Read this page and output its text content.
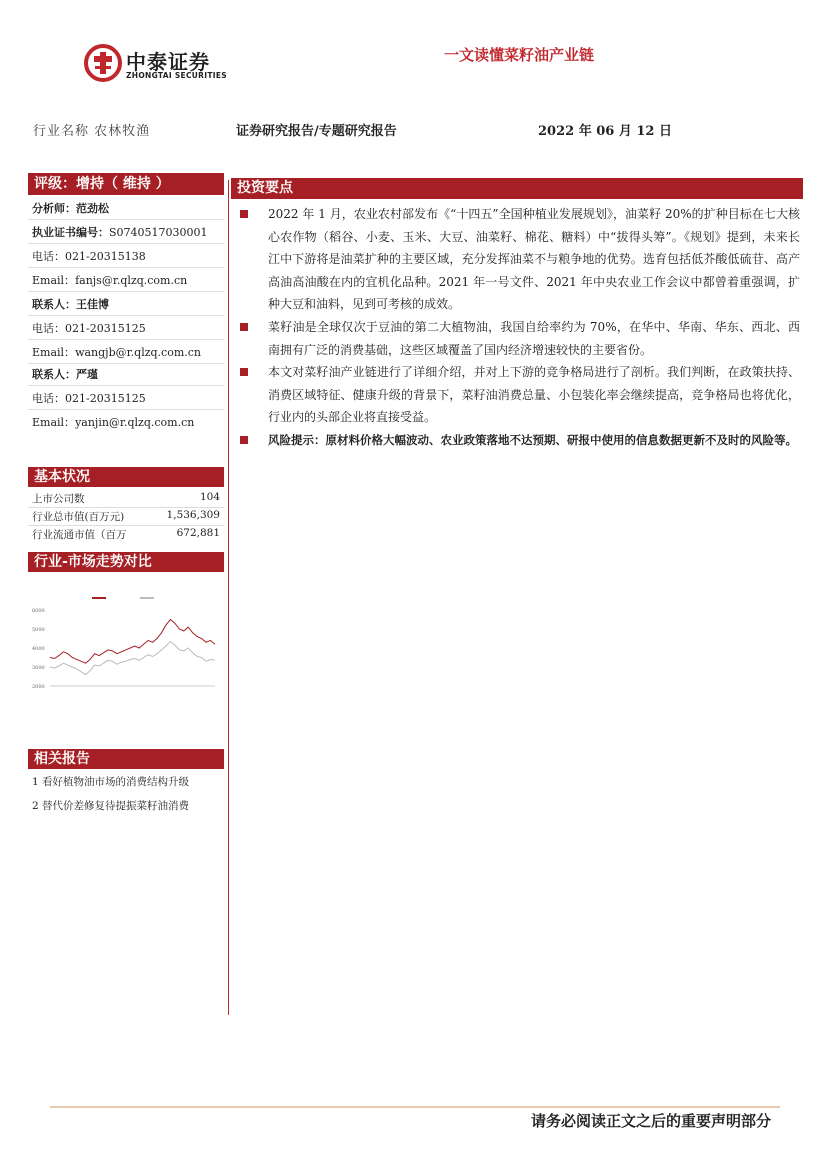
中泰证券
ZHONGTAI SECURITIES
一文读懂菜籽油产业链
行业名称 农林牧渔	证券研究报告/专题研究报告	2022 年 06 月 12 日
评级：增持（ 维持 ）
分析师：范劲松
执业证书编号：S0740517030001
电话：021-20315138
Email：fanjs@r.qlzq.com.cn
联系人：王佳博
电话：021-20315125
Email：wangjb@r.qlzq.com.cn
联系人：严瑾
电话：021-20315125
Email：yanjin@r.qlzq.com.cn
基本状况
上市公司数	104
行业总市值(百万元)	1,536,309
行业流通市值（百万	672,881
行业-市场走势对比
6000
5000
4000
3000
2000
相关报告
1 看好植物油市场的消费结构升级
2 替代价差修复待提振菜籽油消费
投资要点

2022 年 1 月，农业农村部发布《“十四五”全国种植业发展规划》，油菜籽 20%的扩种目标在七大核心农作物（稻谷、小麦、玉米、大豆、油菜籽、棉花、糖料）中“拔得头筹”。《规划》提到，未来长江中下游将是油菜扩种的主要区域，充分发挥油菜不与粮争地的优势。选育包括低芥酸低硫苷、高产高油高油酸在内的宜机化品种。2021 年一号文件、2021 年中央农业工作会议中都曾着重强调，扩种大豆和油料，见到可考核的成效。

菜籽油是全球仅次于豆油的第二大植物油，我国自给率约为 70%，在华中、华南、华东、西北、西南拥有广泛的消费基础，这些区域覆盖了国内经济增速较快的主要省份。

本文对菜籽油产业链进行了详细介绍，并对上下游的竞争格局进行了剖析。我们判断，在政策扶持、消费区域特征、健康升级的背景下，菜籽油消费总量、小包装化率会继续提高，竞争格局也将优化，行业内的头部企业将直接受益。

风险提示：原材料价格大幅波动、农业政策落地不达预期、研报中使用的信息数据更新不及时的风险等。

请务必阅读正文之后的重要声明部分
